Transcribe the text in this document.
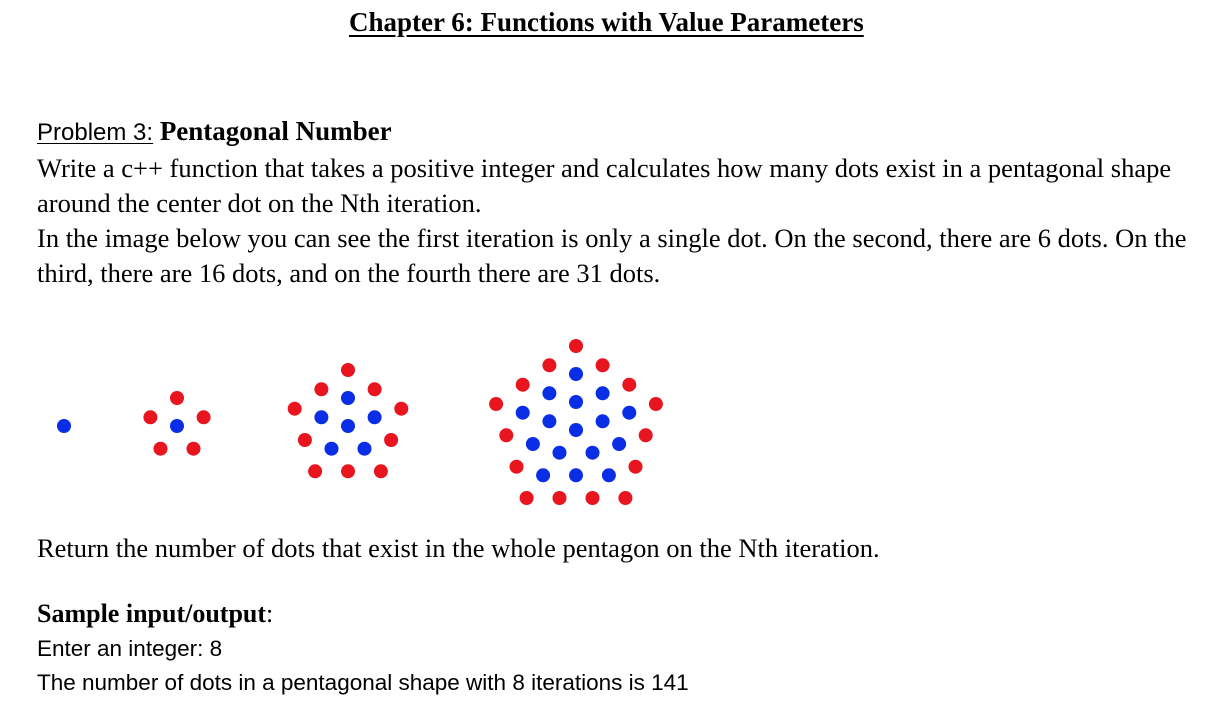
Chapter 6: Functions with Value Parameters
Problem 3: Pentagonal Number

Write a c++ function that takes a positive integer and calculates how many dots exist in a pentagonal shape around the center dot on the Nth iteration.

In the image below you can see the first iteration is only a single dot. On the second, there are 6 dots. On the third, there are 16 dots, and on the fourth there are 31 dots.

Return the number of dots that exist in the whole pentagon on the Nth iteration.
Sample input/output:
Enter an integer: 8
The number of dots in a pentagonal shape with 8 iterations is 141
